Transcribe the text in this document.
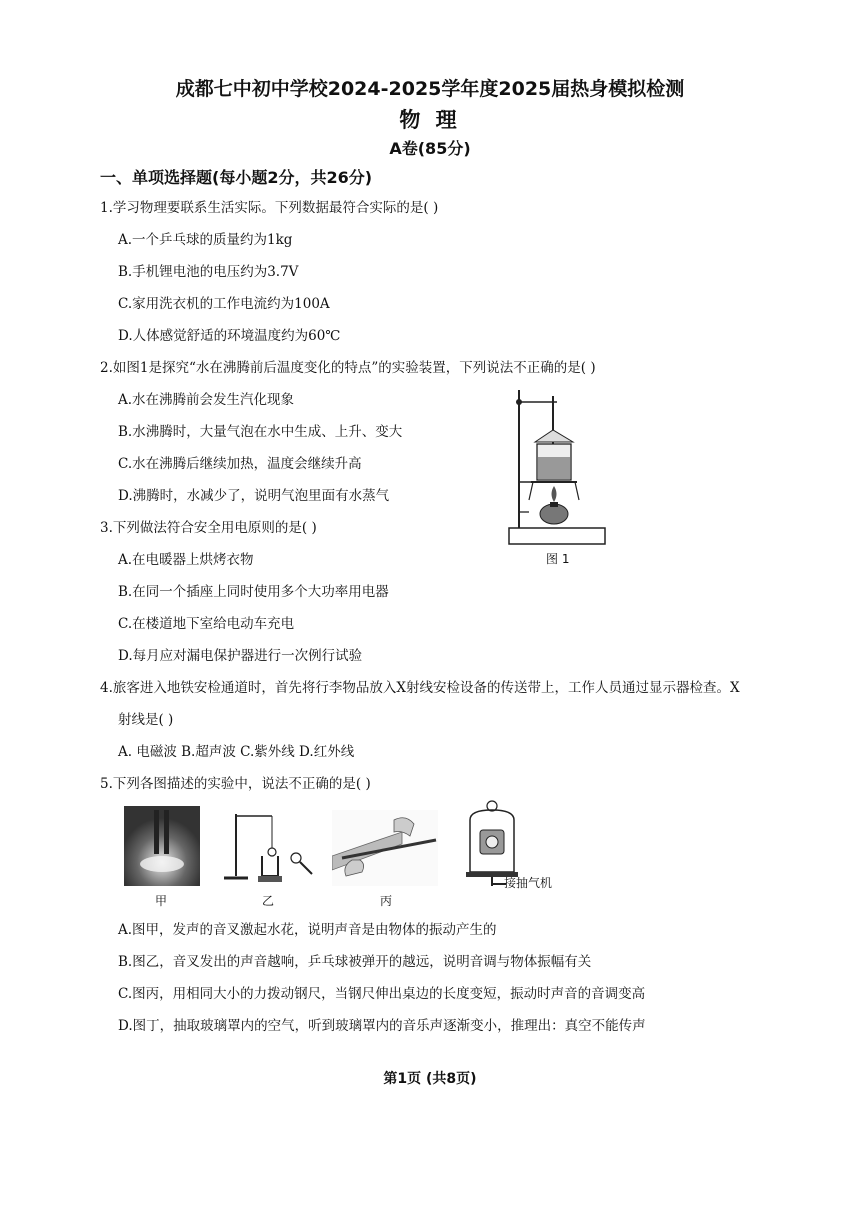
成都七中初中学校2024-2025学年度2025届热身模拟检测
物 理
A卷(85分)
一、单项选择题(每小题2分，共26分)
1.学习物理要联系生活实际。下列数据最符合实际的是( )
A.一个乒乓球的质量约为1kg
B.手机锂电池的电压约为3.7V
C.家用洗衣机的工作电流约为100A
D.人体感觉舒适的环境温度约为60℃
2.如图1是探究“水在沸腾前后温度变化的特点”的实验装置，下列说法不正确的是( )
A.水在沸腾前会发生汽化现象
B.水沸腾时，大量气泡在水中生成、上升、变大
C.水在沸腾后继续加热，温度会继续升高
D.沸腾时，水减少了，说明气泡里面有水蒸气
图 1
3.下列做法符合安全用电原则的是( )
A.在电暖器上烘烤衣物
B.在同一个插座上同时使用多个大功率用电器
C.在楼道地下室给电动车充电
D.每月应对漏电保护器进行一次例行试验
4.旅客进入地铁安检通道时，首先将行李物品放入X射线安检设备的传送带上，工作人员通过显示器检查。X
射线是( )
A. 电磁波 B.超声波 C.紫外线 D.红外线
5.下列各图描述的实验中，说法不正确的是( )
接抽气机
甲	乙	丙
A.图甲，发声的音叉激起水花，说明声音是由物体的振动产生的
B.图乙，音叉发出的声音越响，乒乓球被弹开的越远，说明音调与物体振幅有关
C.图丙，用相同大小的力拨动钢尺，当钢尺伸出桌边的长度变短，振动时声音的音调变高
D.图丁，抽取玻璃罩内的空气，听到玻璃罩内的音乐声逐渐变小，推理出：真空不能传声
第1页 (共8页)
